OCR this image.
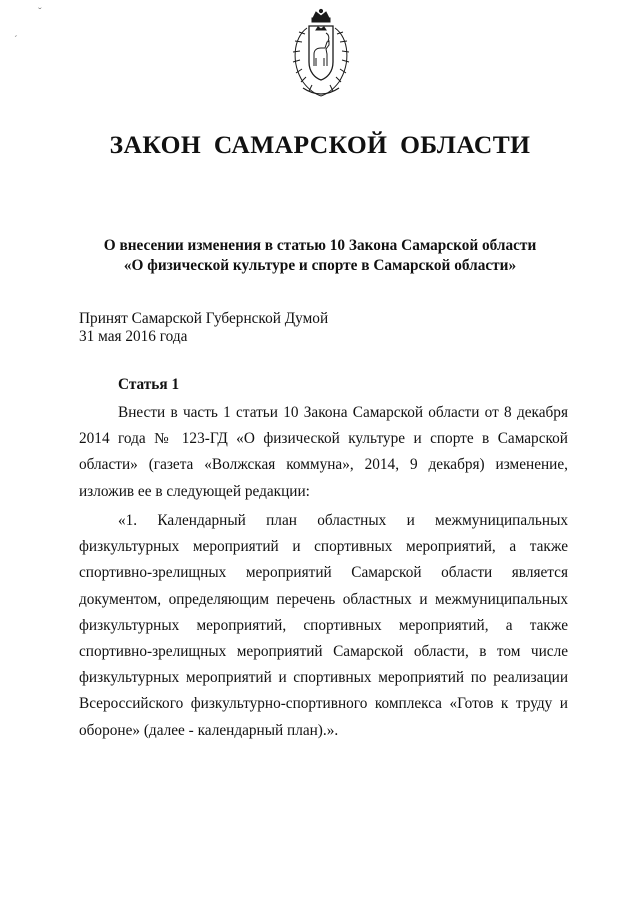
ˇ
ˊ
ЗАКОН САМАРСКОЙ ОБЛАСТИ
О внесении изменения в статью 10 Закона Самарской области
«О физической культуре и спорте в Самарской области»
Принят Самарской Губернской Думой
31 мая 2016 года
Статья 1
Внести в часть 1 статьи 10 Закона Самарской области от 8 декабря 2014 года № 123-ГД «О физической культуре и спорте в Самарской области» (газета «Волжская коммуна», 2014, 9 декабря) изменение, изложив ее в следующей редакции:
«1. Календарный план областных и межмуниципальных физкультурных мероприятий и спортивных мероприятий, а также спортивно-зрелищных мероприятий Самарской области является документом, определяющим перечень областных и межмуниципальных физкультурных мероприятий, спортивных мероприятий, а также спортивно-зрелищных мероприятий Самарской области, в том числе физкультурных мероприятий и спортивных мероприятий по реализации Всероссийского физкультурно-спортивного комплекса «Готов к труду и обороне» (далее - календарный план).».
